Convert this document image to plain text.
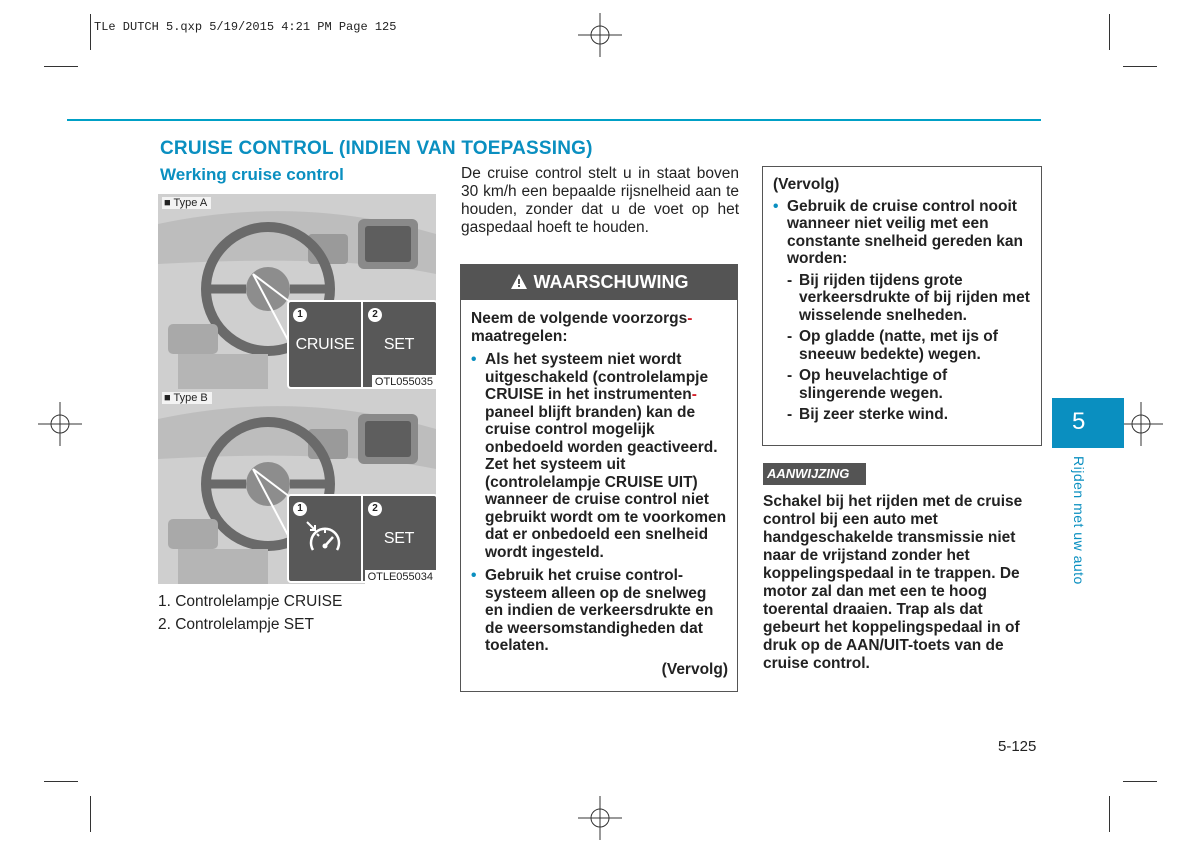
TLe DUTCH 5.qxp 5/19/2015 4:21 PM Page 125
CRUISE CONTROL (INDIEN VAN TOEPASSING)
Werking cruise control
■ Type A
1
CRUISE
2
SET
OTL055035
■ Type B
1	2
SET
OTLE055034
1. Controlelampje CRUISE
2. Controlelampje SET
De cruise control stelt u in staat boven 30 km/h een bepaalde rijsnelheid aan te houden, zonder dat u de voet op het gaspedaal hoeft te houden.
WAARSCHUWING
Neem de volgende voorzorgs-
maatregelen:
• Als het systeem niet wordt uitgeschakeld (controlelampje CRUISE in het instrumenten-paneel blijft branden) kan de cruise control mogelijk onbedoeld worden geactiveerd. Zet het systeem uit (controlelampje CRUISE UIT) wanneer de cruise control niet gebruikt wordt om te voorkomen dat er onbedoeld een snelheid wordt ingesteld.
• Gebruik het cruise control-systeem alleen op de snelweg en indien de verkeersdrukte en de weersomstandigheden dat toelaten.
(Vervolg)
(Vervolg)
• Gebruik de cruise control nooit wanneer niet veilig met een constante snelheid gereden kan worden:
- Bij rijden tijdens grote verkeersdrukte of bij rijden met wisselende snelheden.
- Op gladde (natte, met ijs of sneeuw bedekte) wegen.
- Op heuvelachtige of slingerende wegen.
- Bij zeer sterke wind.
AANWIJZING
Schakel bij het rijden met de cruise control bij een auto met handgeschakelde transmissie niet naar de vrijstand zonder het koppelingspedaal in te trappen. De motor zal dan met een te hoog toerental draaien. Trap als dat gebeurt het koppelingspedaal in of druk op de AAN/UIT-toets van de cruise control.
5
Rijden met uw auto
5-125
